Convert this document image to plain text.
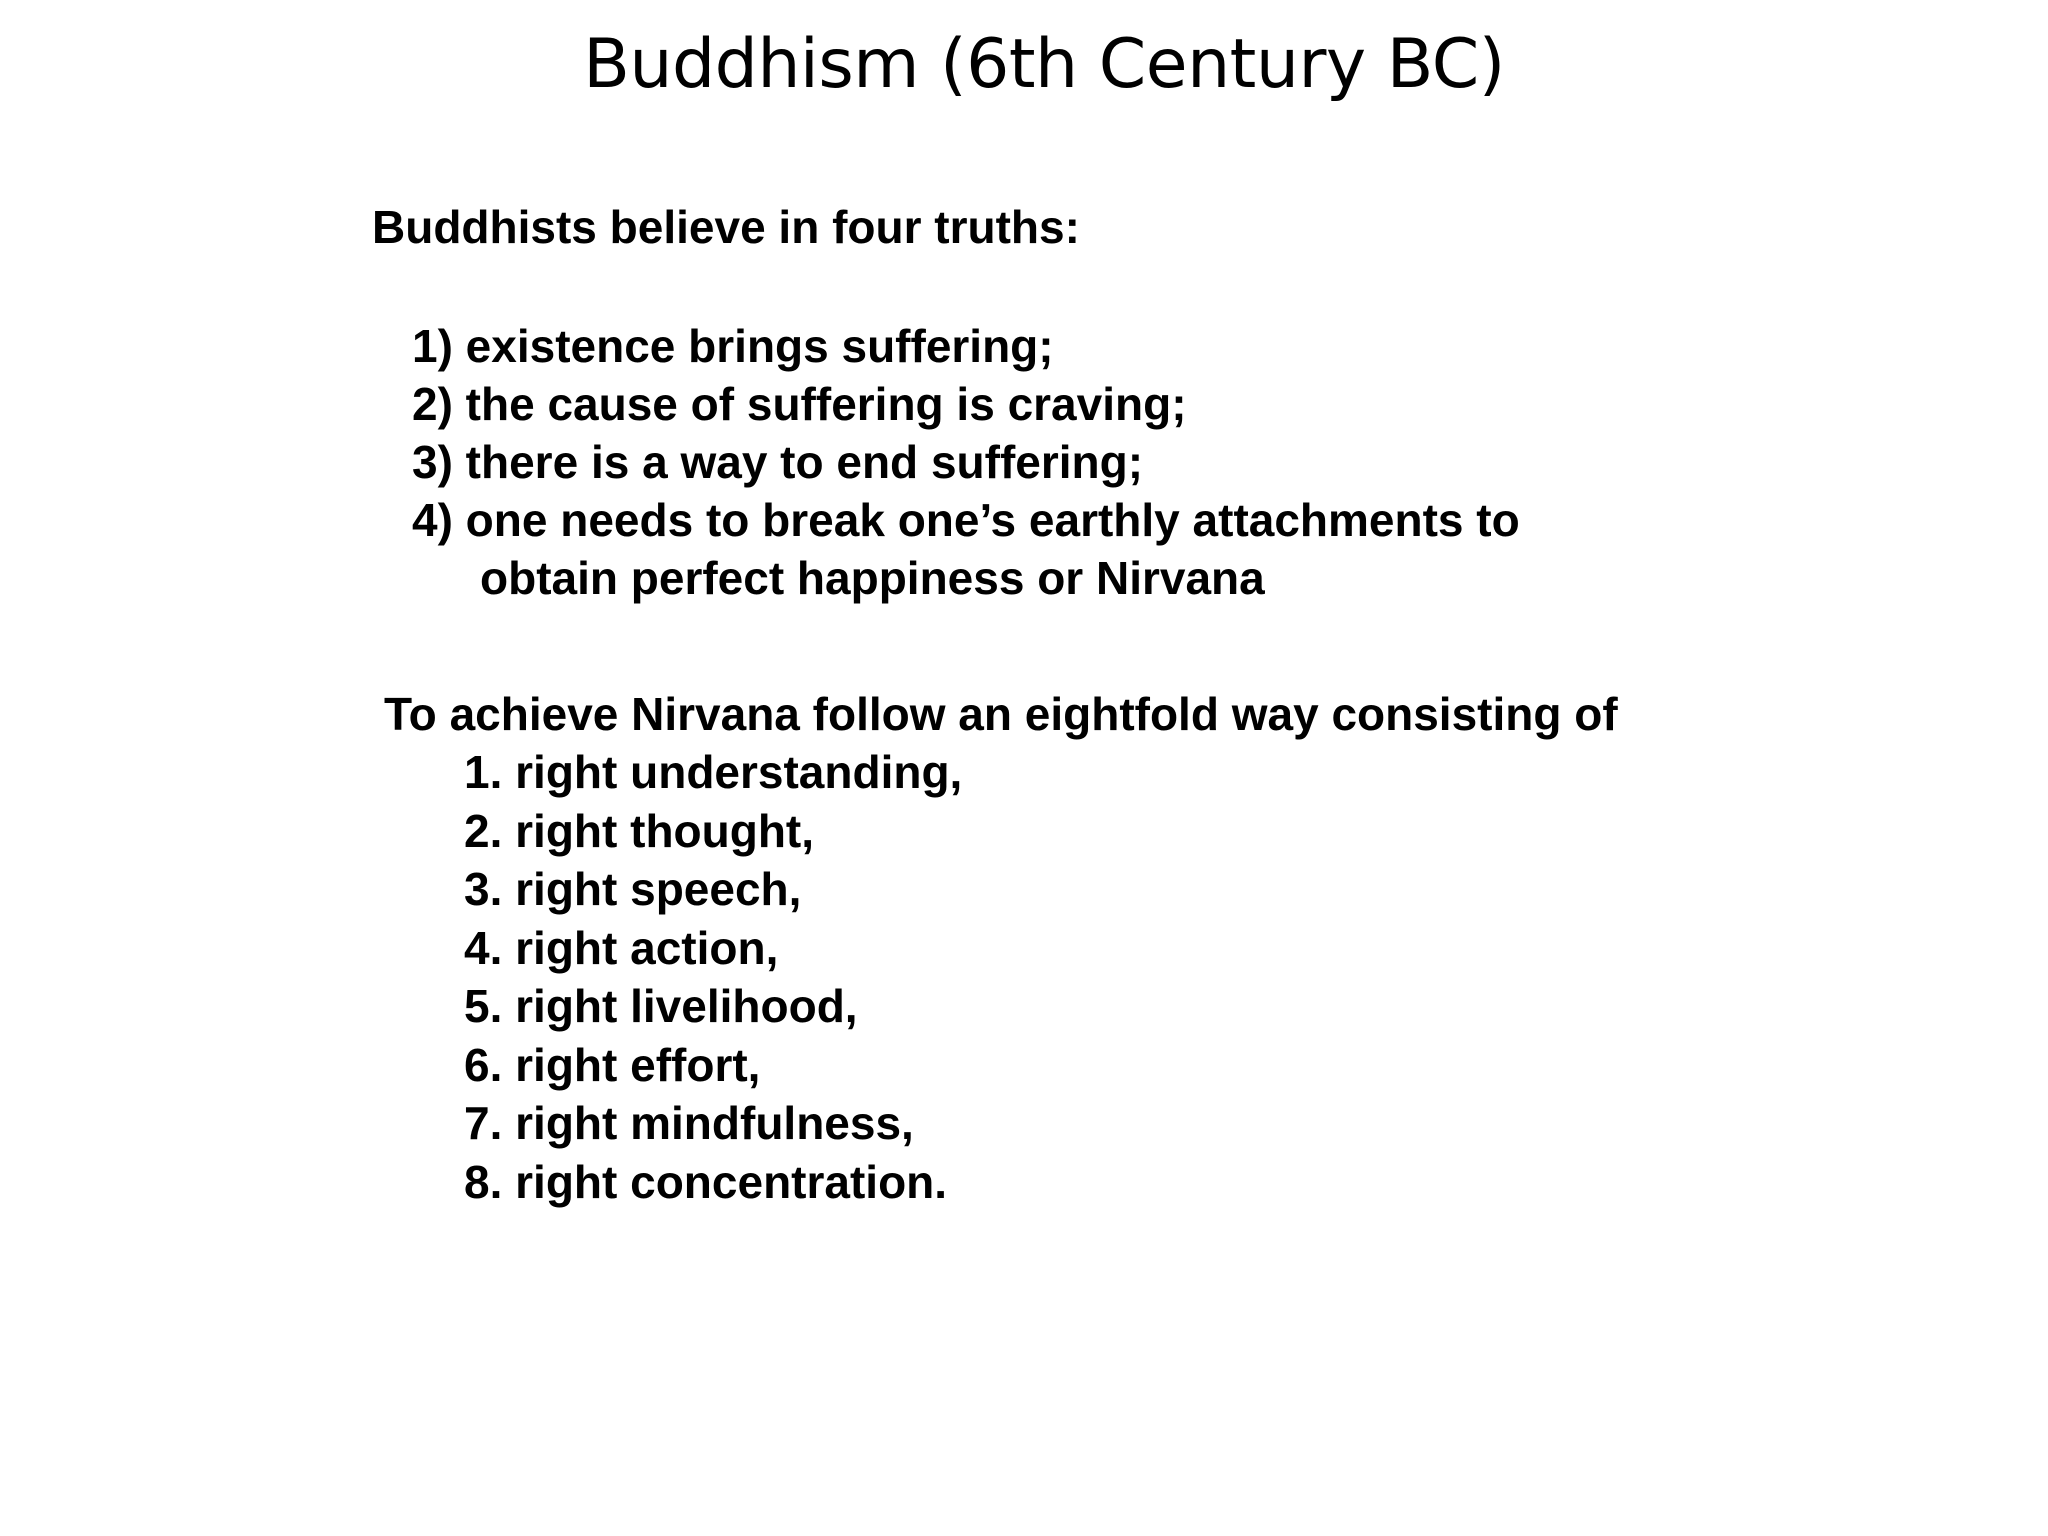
Buddhism (6th Century BC)
Buddhists believe in four truths:
1) existence brings suffering;
2) the cause of suffering is craving;
3) there is a way to end suffering;
4) one needs to break one’s earthly attachments to
obtain perfect happiness or Nirvana
To achieve Nirvana follow an eightfold way consisting of
1. right understanding,
2. right thought,
3. right speech,
4. right action,
5. right livelihood,
6. right effort,
7. right mindfulness,
8. right concentration.
